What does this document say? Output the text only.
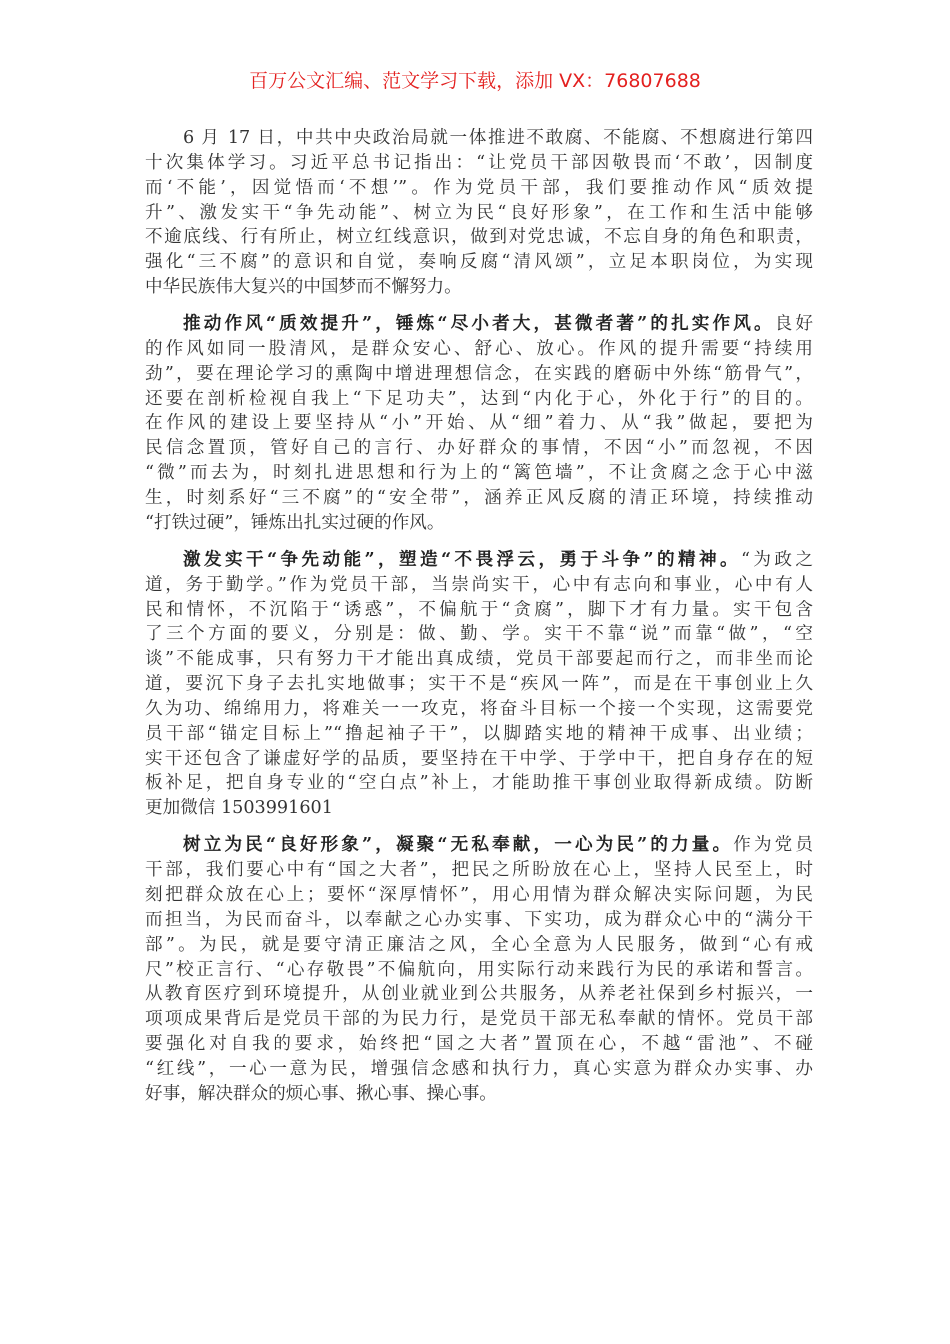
百万公文汇编、范文学习下载，添加 VX：76807688
6 月 17 日，中共中央政治局就一体推进不敢腐、不能腐、不想腐进行第四
十次集体学习。习近平总书记指出：“让党员干部因敬畏而‘不敢’，因制度
而‘不能’，因觉悟而‘不想’”。作为党员干部，我们要推动作风“质效提
升”、激发实干“争先动能”、树立为民“良好形象”，在工作和生活中能够
不逾底线、行有所止，树立红线意识，做到对党忠诚，不忘自身的角色和职责，
强化“三不腐”的意识和自觉，奏响反腐“清风颂”，立足本职岗位，为实现
中华民族伟大复兴的中国梦而不懈努力。
推动作风“质效提升”，锤炼“尽小者大，甚微者著”的扎实作风。良好
的作风如同一股清风，是群众安心、舒心、放心。作风的提升需要“持续用
劲”，要在理论学习的熏陶中增进理想信念，在实践的磨砺中外练“筋骨气”，
还要在剖析检视自我上“下足功夫”，达到“内化于心，外化于行”的目的。
在作风的建设上要坚持从“小”开始、从“细”着力、从“我”做起，要把为
民信念置顶，管好自己的言行、办好群众的事情，不因“小”而忽视，不因
“微”而去为，时刻扎进思想和行为上的“篱笆墙”，不让贪腐之念于心中滋
生，时刻系好“三不腐”的“安全带”，涵养正风反腐的清正环境，持续推动
“打铁过硬”，锤炼出扎实过硬的作风。
激发实干“争先动能”，塑造“不畏浮云，勇于斗争”的精神。“为政之
道，务于勤学。”作为党员干部，当崇尚实干，心中有志向和事业，心中有人
民和情怀，不沉陷于“诱惑”，不偏航于“贪腐”，脚下才有力量。实干包含
了三个方面的要义，分别是：做、勤、学。实干不靠“说”而靠“做”，“空
谈”不能成事，只有努力干才能出真成绩，党员干部要起而行之，而非坐而论
道，要沉下身子去扎实地做事；实干不是“疾风一阵”，而是在干事创业上久
久为功、绵绵用力，将难关一一攻克，将奋斗目标一个接一个实现，这需要党
员干部“锚定目标上”“撸起袖子干”，以脚踏实地的精神干成事、出业绩；
实干还包含了谦虚好学的品质，要坚持在干中学、于学中干，把自身存在的短
板补足，把自身专业的“空白点”补上，才能助推干事创业取得新成绩。防断
更加微信 1503991601
树立为民“良好形象”，凝聚“无私奉献，一心为民”的力量。作为党员
干部，我们要心中有“国之大者”，把民之所盼放在心上，坚持人民至上，时
刻把群众放在心上；要怀“深厚情怀”，用心用情为群众解决实际问题，为民
而担当，为民而奋斗，以奉献之心办实事、下实功，成为群众心中的“满分干
部”。为民，就是要守清正廉洁之风，全心全意为人民服务，做到“心有戒
尺”校正言行、“心存敬畏”不偏航向，用实际行动来践行为民的承诺和誓言。
从教育医疗到环境提升，从创业就业到公共服务，从养老社保到乡村振兴，一
项项成果背后是党员干部的为民力行，是党员干部无私奉献的情怀。党员干部
要强化对自我的要求，始终把“国之大者”置顶在心，不越“雷池”、不碰
“红线”，一心一意为民，增强信念感和执行力，真心实意为群众办实事、办
好事，解决群众的烦心事、揪心事、操心事。
